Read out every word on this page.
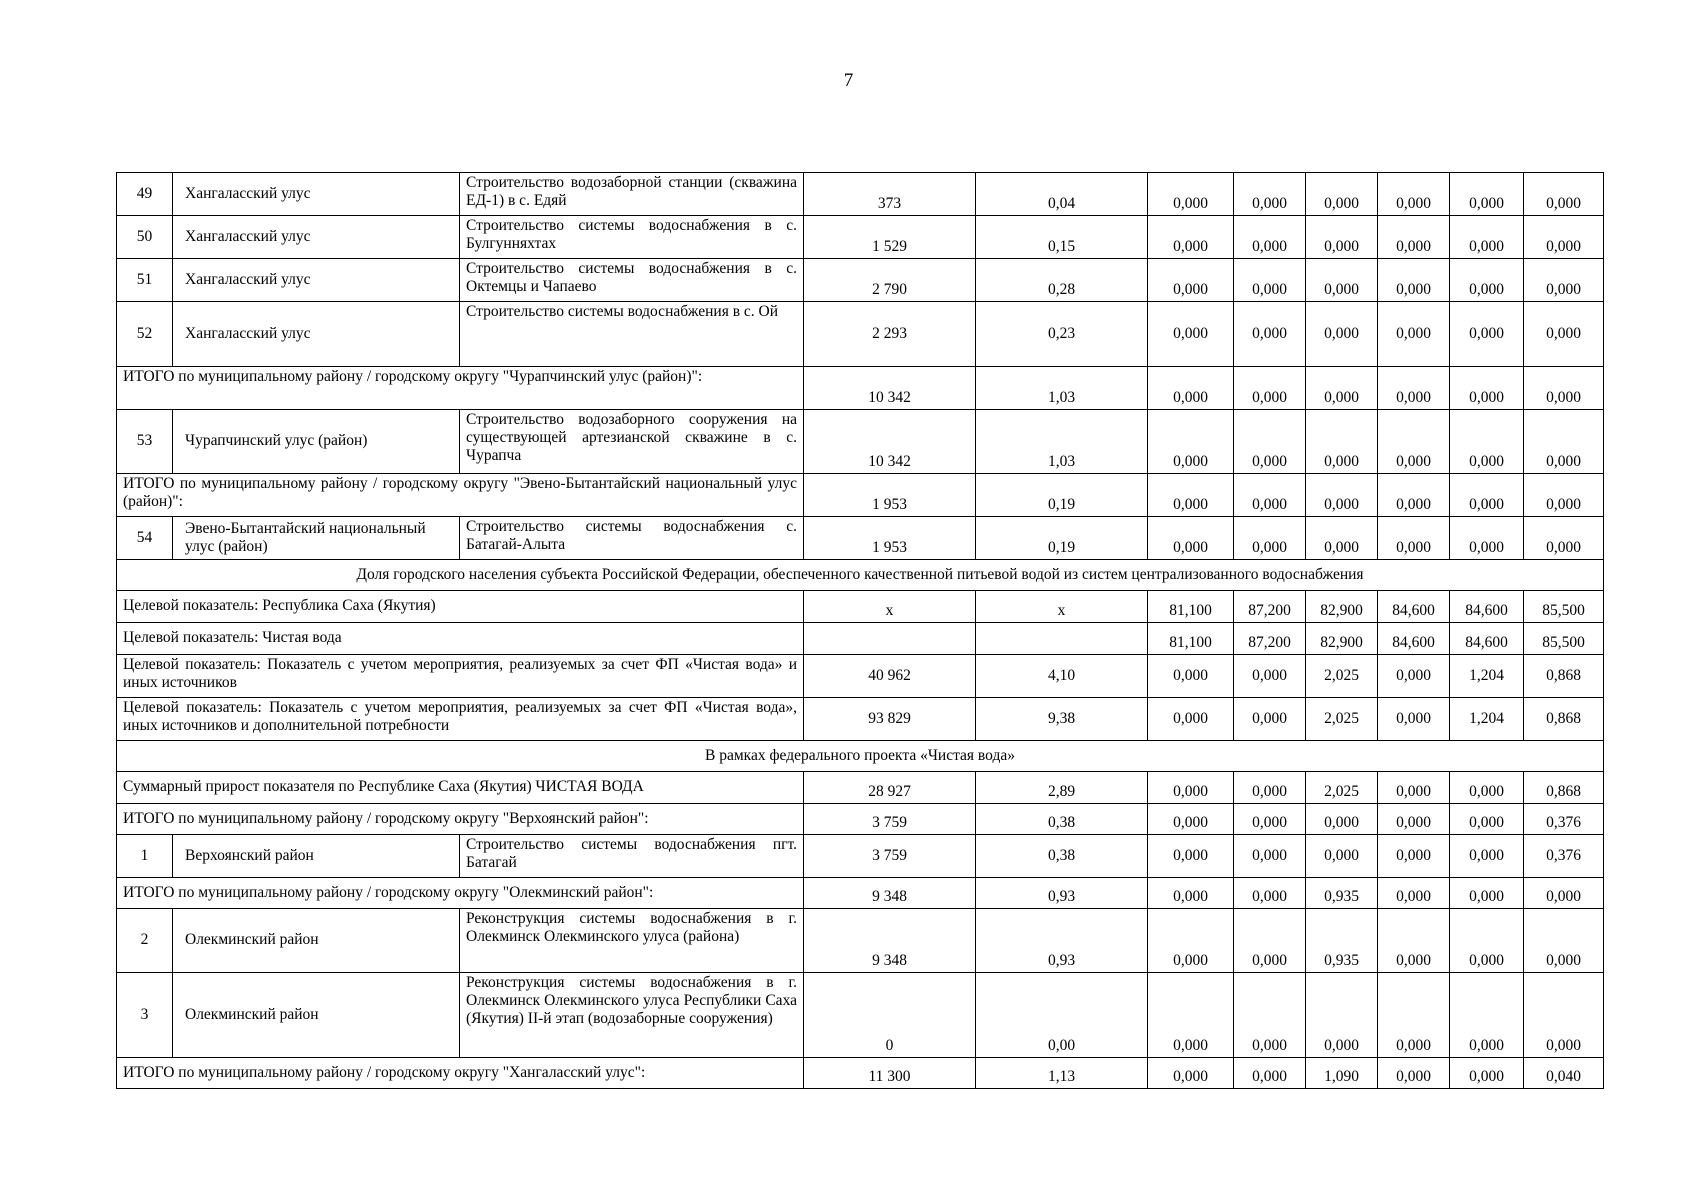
7
49	Хангаласский улус	Строительство водозаборной станции (скважина ЕД-1) в с. Едяй	373	0,04	0,000	0,000	0,000	0,000	0,000	0,000
50	Хангаласский улус	Строительство системы водоснабжения в с. Булгунняхтах	1 529	0,15	0,000	0,000	0,000	0,000	0,000	0,000
51	Хангаласский улус	Строительство системы водоснабжения в с. Октемцы и Чапаево	2 790	0,28	0,000	0,000	0,000	0,000	0,000	0,000
52	Хангаласский улус	Строительство системы водоснабжения в с. Ой	2 293	0,23	0,000	0,000	0,000	0,000	0,000	0,000
ИТОГО по муниципальному району / городскому округу "Чурапчинский улус (район)":			10 342	1,03	0,000	0,000	0,000	0,000	0,000	0,000
53	Чурапчинский улус (район)	Строительство водозаборного сооружения на существующей артезианской скважине в с. Чурапча	10 342	1,03	0,000	0,000	0,000	0,000	0,000	0,000
ИТОГО по муниципальному району / городскому округу "Эвено-Бытантайский национальный улус (район)":			1 953	0,19	0,000	0,000	0,000	0,000	0,000	0,000
54	Эвено-Бытантайский национальный улус (район)	Строительство системы водоснабжения с. Батагай-Алыта	1 953	0,19	0,000	0,000	0,000	0,000	0,000	0,000
Доля городского населения субъекта Российской Федерации, обеспеченного качественной питьевой водой из систем централизованного водоснабжения										
Целевой показатель: Республика Саха (Якутия)			х	х	81,100	87,200	82,900	84,600	84,600	85,500
Целевой показатель: Чистая вода					81,100	87,200	82,900	84,600	84,600	85,500
Целевой показатель: Показатель с учетом мероприятия, реализуемых за счет ФП «Чистая вода» и иных источников			40 962	4,10	0,000	0,000	2,025	0,000	1,204	0,868
Целевой показатель: Показатель с учетом мероприятия, реализуемых за счет ФП «Чистая вода», иных источников и дополнительной потребности			93 829	9,38	0,000	0,000	2,025	0,000	1,204	0,868
В рамках федерального проекта «Чистая вода»										
Суммарный прирост показателя по Республике Саха (Якутия) ЧИСТАЯ ВОДА			28 927	2,89	0,000	0,000	2,025	0,000	0,000	0,868
ИТОГО по муниципальному району / городскому округу "Верхоянский район":			3 759	0,38	0,000	0,000	0,000	0,000	0,000	0,376
1	Верхоянский район	Строительство системы водоснабжения пгт. Батагай	3 759	0,38	0,000	0,000	0,000	0,000	0,000	0,376
ИТОГО по муниципальному району / городскому округу "Олекминский район":			9 348	0,93	0,000	0,000	0,935	0,000	0,000	0,000
2	Олекминский район	Реконструкция системы водоснабжения в г. Олекминск Олекминского улуса (района)	9 348	0,93	0,000	0,000	0,935	0,000	0,000	0,000
3	Олекминский район	Реконструкция системы водоснабжения в г. Олекминск Олекминского улуса Республики Саха (Якутия) II-й этап (водозаборные сооружения)	0	0,00	0,000	0,000	0,000	0,000	0,000	0,000
ИТОГО по муниципальному району / городскому округу "Хангаласский улус":			11 300	1,13	0,000	0,000	1,090	0,000	0,000	0,040
